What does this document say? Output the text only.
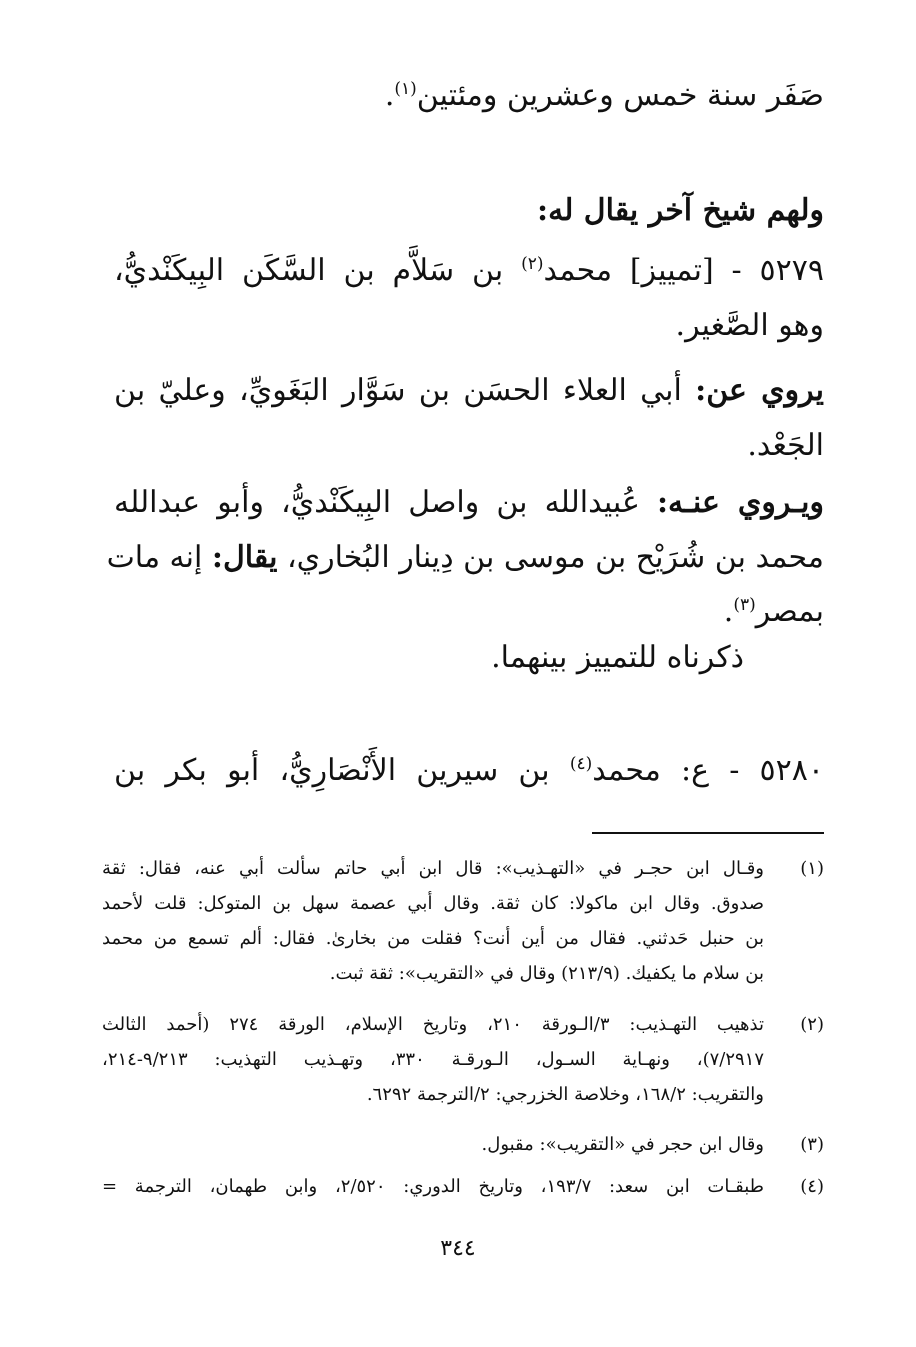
صَفَر سنة خمس وعشرين ومئتين$^{(١)}$.
ولهم شيخ آخر يقال له:
٥٢٧٩ - [تمييز] محمد$^{(٢)}$ بن سَلاَّم بن السَّكَن البِيكَنْديُّ،
وهو الصَّغير.
يروي عن: أبي العلاء الحسَن بن سَوَّار البَغَويِّ، وعليّ بن
الجَعْد.
ويـروي عنـه: عُبيدالله بن واصل البِيكَنْديُّ، وأبو عبدالله
محمد بن شُرَيْح بن موسى بن دِينار البُخاري، يقال: إنه مات
بمصر$^{(٣)}$.
ذكرناه للتمييز بينهما.
٥٢٨٠ - ع: محمد$^{(٤)}$ بن سيرين الأَنْصَارِيُّ، أبو بكر بن
(١)
وقـال ابن حجـر في «التهـذيب»: قال ابن أبي حاتم سألت أبي عنه، فقال: ثقة
صدوق. وقال ابن ماكولا: كان ثقة. وقال أبي عصمة سهل بن المتوكل: قلت لأحمد
بن حنبل حَدثني. فقال من أين أنت؟ فقلت من بخارىٰ. فقال: ألم تسمع من محمد
بن سلام ما يكفيك. (٢١٣/٩) وقال في «التقريب»: ثقة ثبت.
(٢)
تذهيب التهـذيب: ٣/الـورقة ٢١٠، وتاريخ الإسلام، الورقة ٢٧٤ (أحمد الثالث
٧/٢٩١٧)، ونهـاية السـول، الـورقـة ٣٣٠، وتهـذيب التهذيب: ٩/٢١٣-٢١٤،
والتقريب: ١٦٨/٢، وخلاصة الخزرجي: ٢/الترجمة ٦٢٩٢.
(٣)
وقال ابن حجر في «التقريب»: مقبول.
(٤)
طبقـات ابن سعد: ١٩٣/٧، وتاريخ الدوري: ٢/٥٢٠، وابن طهمان، الترجمة =
٣٤٤
